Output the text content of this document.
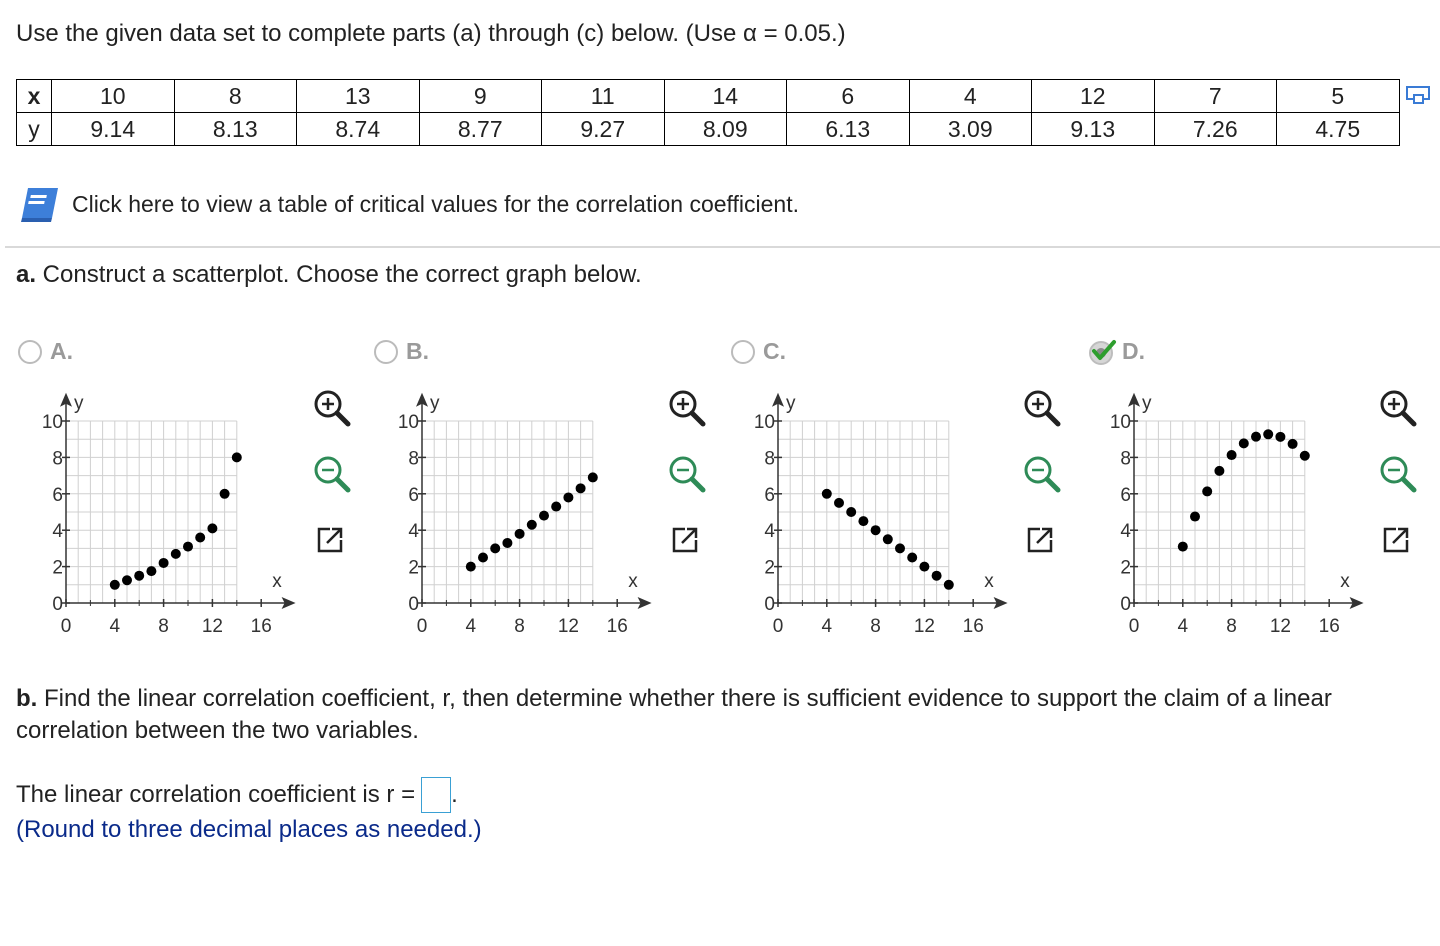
Use the given data set to complete parts (a) through (c) below. (Use α = 0.05.)
x	10	8	13	9	11	14	6	4	12	7	5
y	9.14	8.13	8.74	8.77	9.27	8.09	6.13	3.09	9.13	7.26	4.75
Click here to view a table of critical values for the correlation coefficient.
a. Construct a scatterplot. Choose the correct graph below.
A.	B.	C.	D.
0 4 8 12 16
0
2
4
6
8
10
y
x
0 4 8 12 16
0
2
4
6
8
10
y
x
0 4 8 12 16
0
2
4
6
8
10
y
x
0 4 8 12 16
0
2
4
6
8
10
y
x
b. Find the linear correlation coefficient, r, then determine whether there is sufficient evidence to support the claim of a linear correlation between the two variables.
The linear correlation coefficient is r = .
(Round to three decimal places as needed.)
